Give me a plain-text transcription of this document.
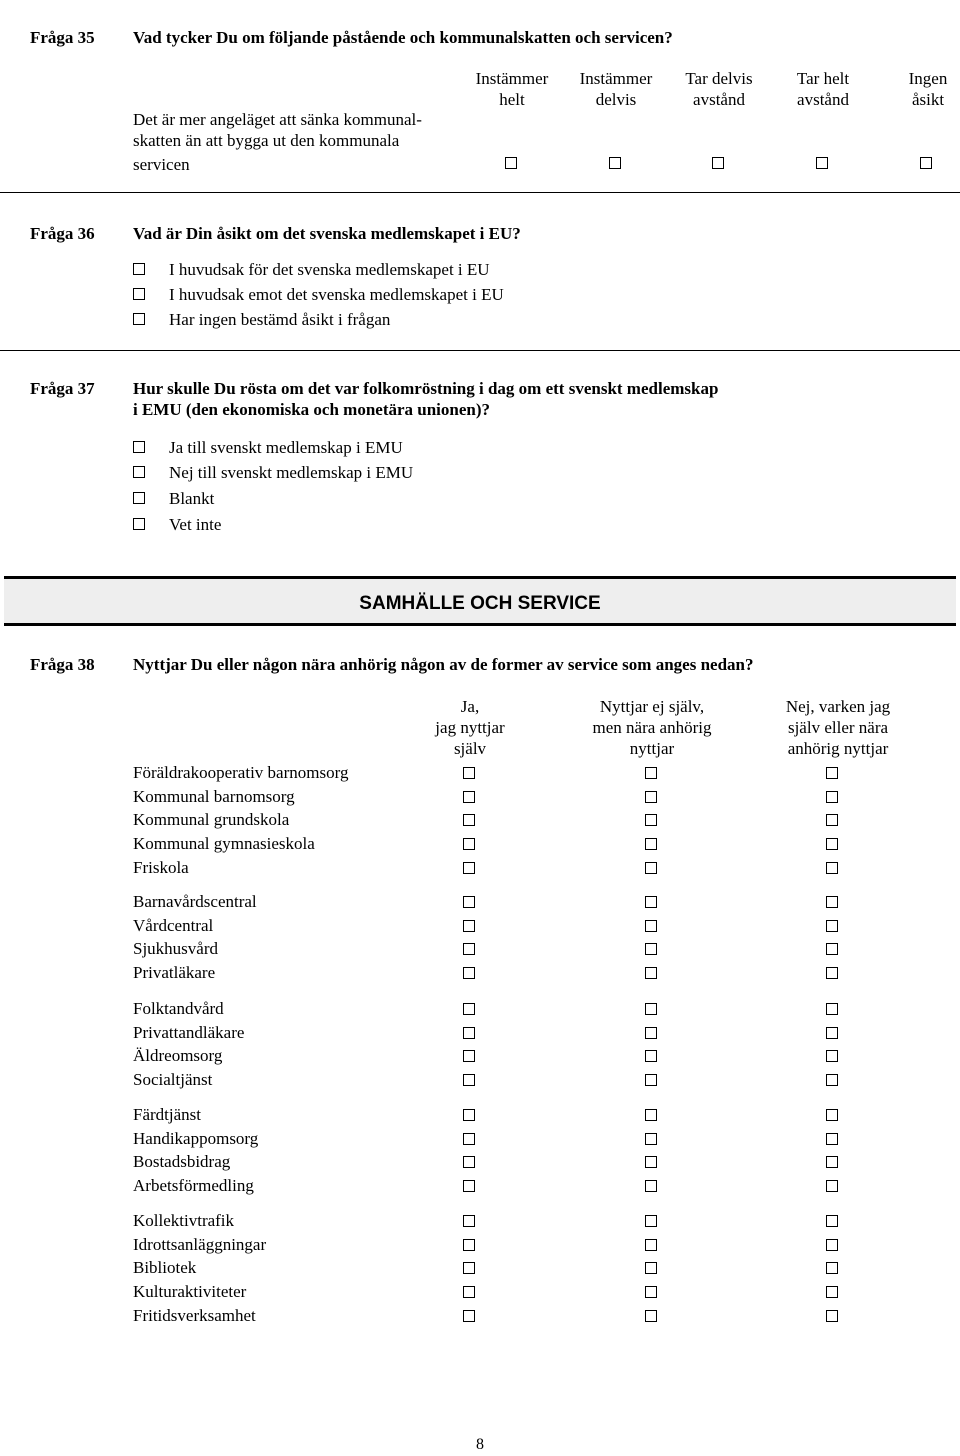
Fråga 35 Vad tycker Du om följande påstående och kommunalskatten och servicen?
Instämmer
helt
Instämmer
delvis
Tar delvis
avstånd
Tar helt
avstånd
Ingen
åsikt
Det är mer angeläget att sänka kommunal-
skatten än att bygga ut den kommunala
servicen
Fråga 36 Vad är Din åsikt om det svenska medlemskapet i EU?
I huvudsak för det svenska medlemskapet i EU
I huvudsak emot det svenska medlemskapet i EU
Har ingen bestämd åsikt i frågan
Fråga 37 Hur skulle Du rösta om det var folkomröstning i dag om ett svenskt medlemskap
i EMU (den ekonomiska och monetära unionen)?
Ja till svenskt medlemskap i EMU
Nej till svenskt medlemskap i EMU
Blankt
Vet inte
SAMHÄLLE OCH SERVICE
Fråga 38 Nyttjar Du eller någon nära anhörig någon av de former av service som anges nedan?
Ja,
jag nyttjar
själv
Nyttjar ej själv,
men nära anhörig
nyttjar
Nej, varken jag
själv eller nära
anhörig nyttjar
Föräldrakooperativ barnomsorg
Kommunal barnomsorg
Kommunal grundskola
Kommunal gymnasieskola
Friskola
Barnavårdscentral
Vårdcentral
Sjukhusvård
Privatläkare
Folktandvård
Privattandläkare
Äldreomsorg
Socialtjänst
Färdtjänst
Handikappomsorg
Bostadsbidrag
Arbetsförmedling
Kollektivtrafik
Idrottsanläggningar
Bibliotek
Kulturaktiviteter
Fritidsverksamhet
8
